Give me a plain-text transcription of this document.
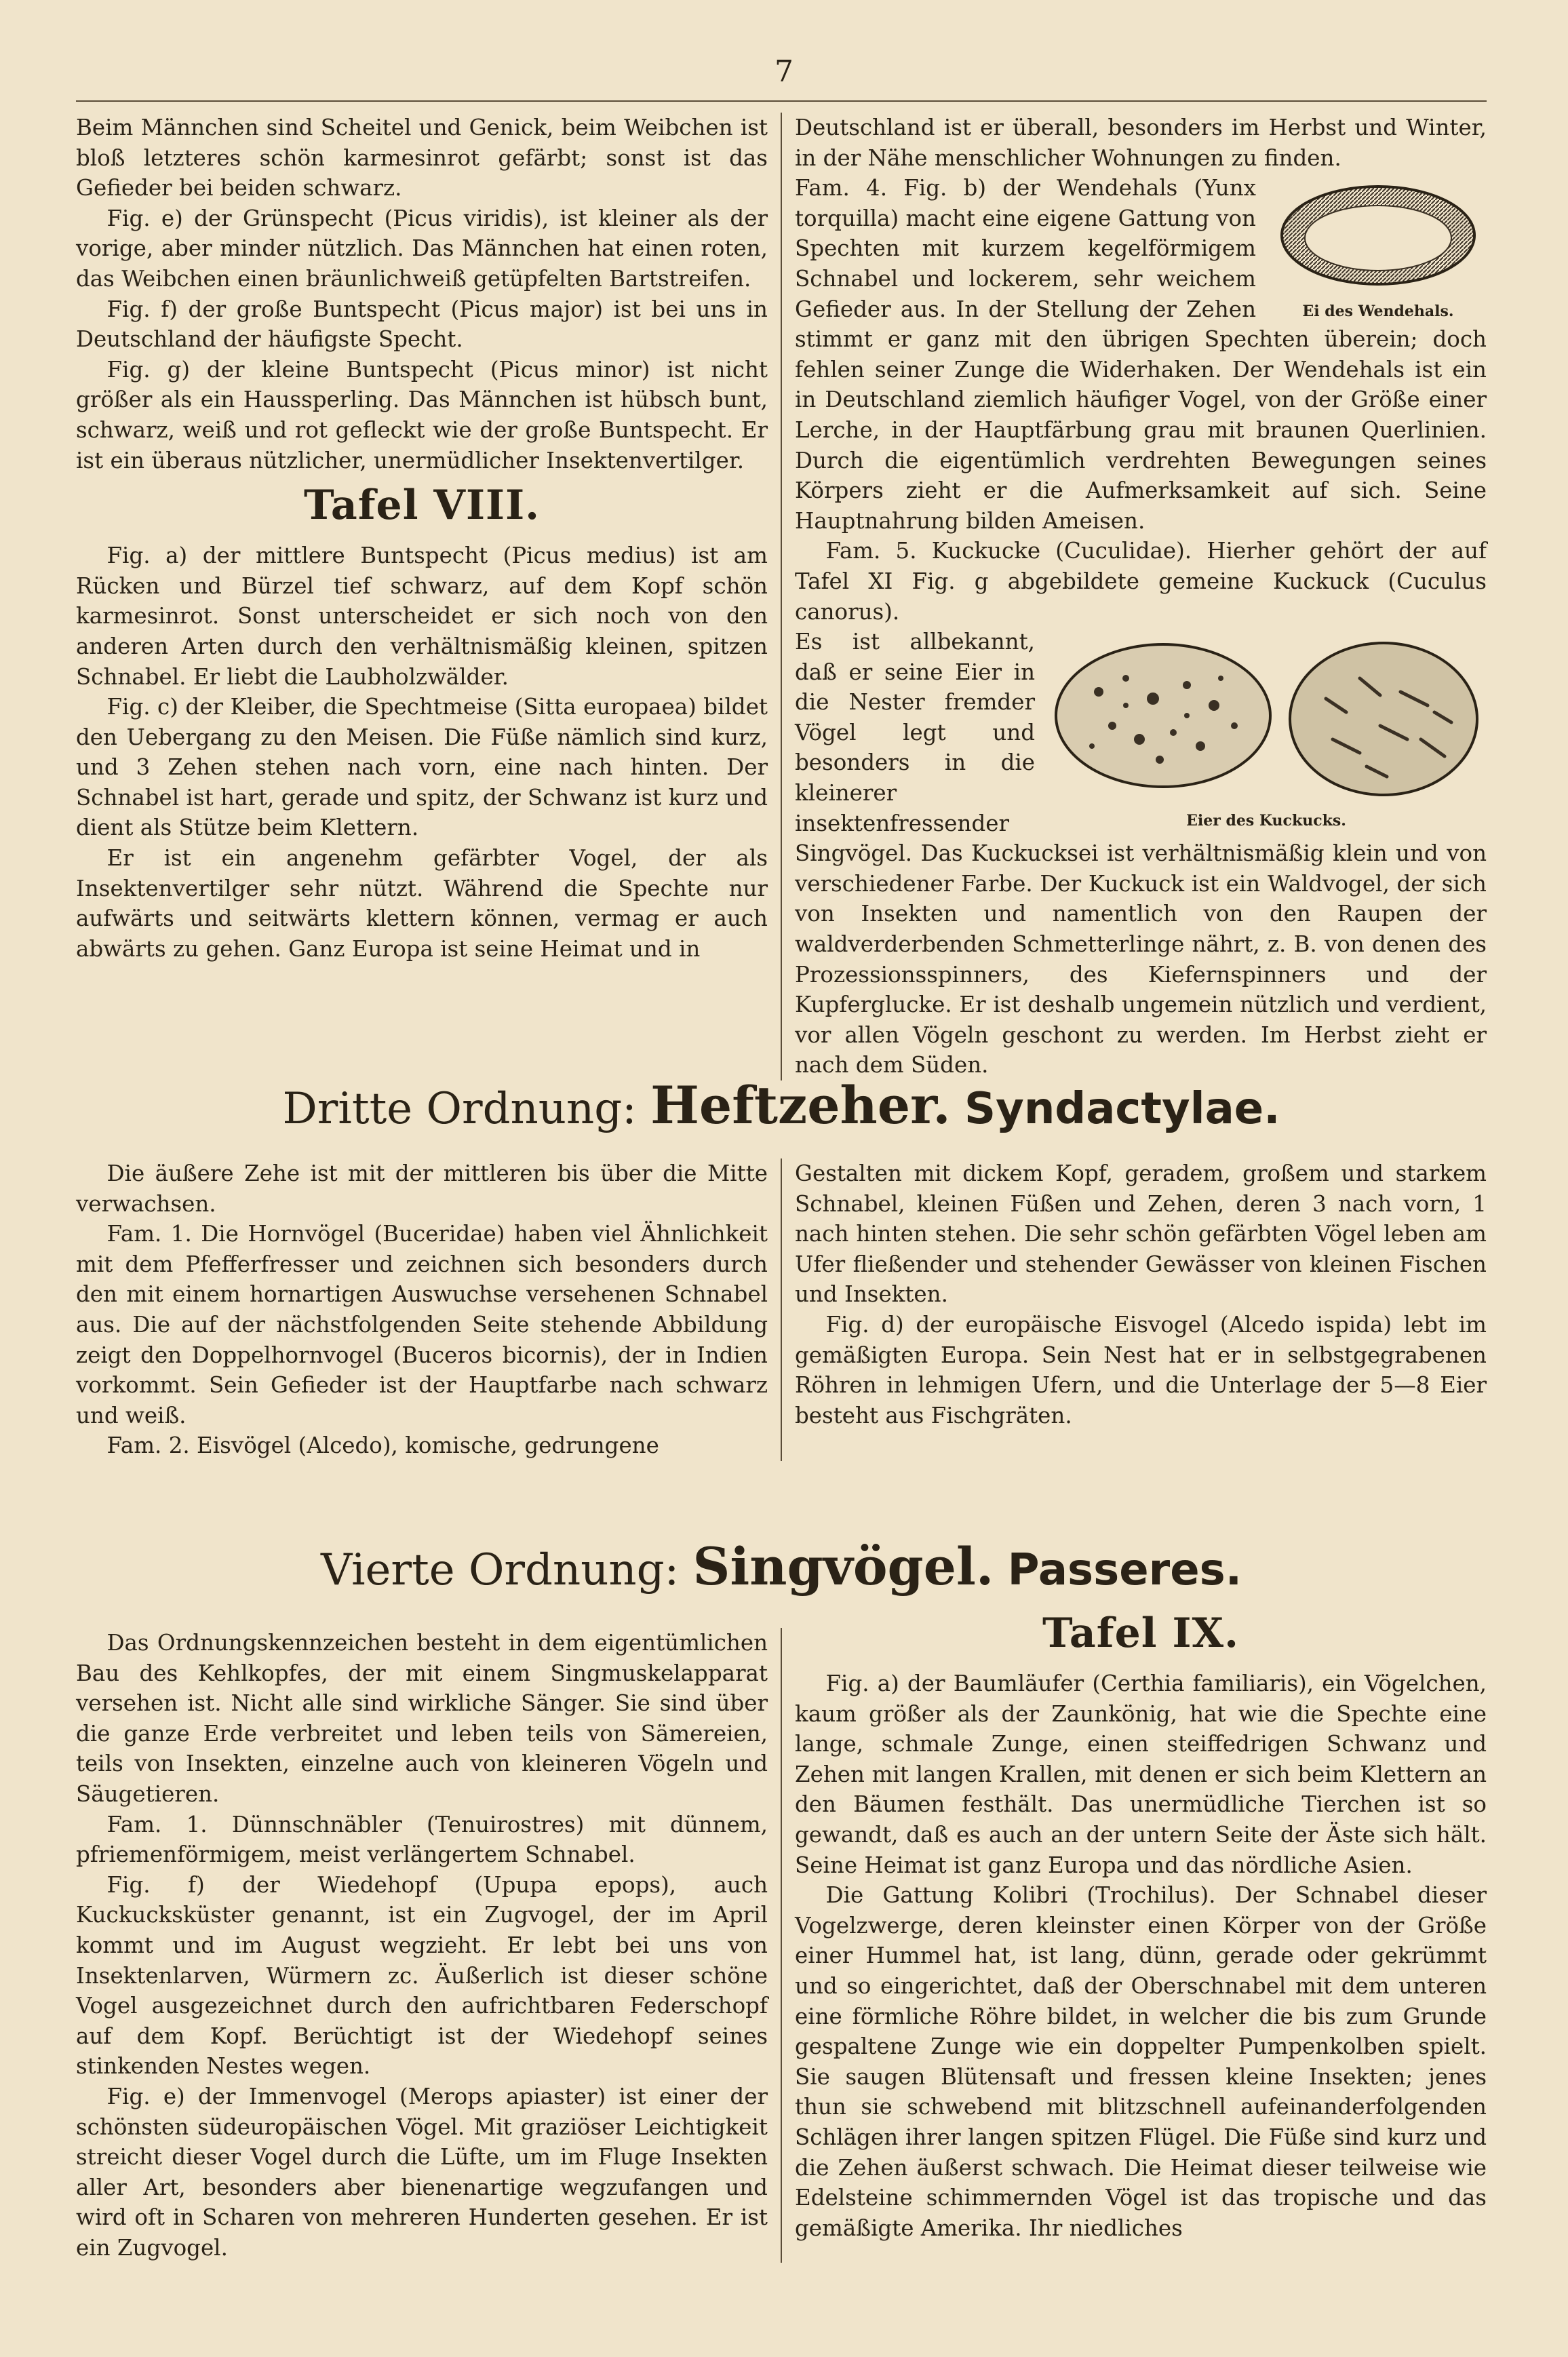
7

Beim Männchen sind Scheitel und Genick, beim Weibchen ist bloß letzteres schön karmesinrot gefärbt; sonst ist das Gefieder bei beiden schwarz.

Fig. e) der Grünspecht (Picus viridis), ist kleiner als der vorige, aber minder nützlich. Das Männchen hat einen roten, das Weibchen einen bräunlichweiß getüpfelten Bartstreifen.

Fig. f) der große Buntspecht (Picus major) ist bei uns in Deutschland der häufigste Specht.

Fig. g) der kleine Buntspecht (Picus minor) ist nicht größer als ein Haussperling. Das Männchen ist hübsch bunt, schwarz, weiß und rot gefleckt wie der große Buntspecht. Er ist ein überaus nützlicher, unermüdlicher Insektenvertilger.

Tafel VIII.

Fig. a) der mittlere Buntspecht (Picus medius) ist am Rücken und Bürzel tief schwarz, auf dem Kopf schön karmesinrot. Sonst unterscheidet er sich noch von den anderen Arten durch den verhältnismäßig kleinen, spitzen Schnabel. Er liebt die Laubholzwälder.

Fig. c) der Kleiber, die Spechtmeise (Sitta europaea) bildet den Uebergang zu den Meisen. Die Füße nämlich sind kurz, und 3 Zehen stehen nach vorn, eine nach hinten. Der Schnabel ist hart, gerade und spitz, der Schwanz ist kurz und dient als Stütze beim Klettern.

Er ist ein angenehm gefärbter Vogel, der als Insektenvertilger sehr nützt. Während die Spechte nur aufwärts und seitwärts klettern können, vermag er auch abwärts zu gehen. Ganz Europa ist seine Heimat und in

Deutschland ist er überall, besonders im Herbst und Winter, in der Nähe menschlicher Wohnungen zu finden.

Ei des Wendehals.

Fam. 4. Fig. b) der Wendehals (Yunx torquilla) macht eine eigene Gattung von Spechten mit kurzem kegelförmigem Schnabel und lockerem, sehr weichem Gefieder aus. In der Stellung der Zehen stimmt er ganz mit den übrigen Spechten überein; doch fehlen seiner Zunge die Widerhaken. Der Wendehals ist ein in Deutschland ziemlich häufiger Vogel, von der Größe einer Lerche, in der Hauptfärbung grau mit braunen Querlinien. Durch die eigentümlich verdrehten Bewegungen seines Körpers zieht er die Aufmerksamkeit auf sich. Seine Hauptnahrung bilden Ameisen.

Fam. 5. Kuckucke (Cuculidae). Hierher gehört der auf Tafel XI Fig. g abgebildete gemeine Kuckuck (Cuculus canorus).

Eier des Kuckucks.

Es ist allbekannt, daß er seine Eier in die Nester fremder Vögel legt und besonders in die kleinerer insektenfressender Singvögel. Das Kuckucksei ist verhältnismäßig klein und von verschiedener Farbe. Der Kuckuck ist ein Waldvogel, der sich von Insekten und namentlich von den Raupen der waldverderbenden Schmetterlinge nährt, z. B. von denen des Prozessionsspinners, des Kiefernspinners und der Kupferglucke. Er ist deshalb ungemein nützlich und verdient, vor allen Vögeln geschont zu werden. Im Herbst zieht er nach dem Süden.

Dritte Ordnung: Heftzeher. Syndactylae.

Die äußere Zehe ist mit der mittleren bis über die Mitte verwachsen.

Fam. 1. Die Hornvögel (Buceridae) haben viel Ähnlichkeit mit dem Pfefferfresser und zeichnen sich besonders durch den mit einem hornartigen Auswuchse versehenen Schnabel aus. Die auf der nächstfolgenden Seite stehende Abbildung zeigt den Doppelhornvogel (Buceros bicornis), der in Indien vorkommt. Sein Gefieder ist der Hauptfarbe nach schwarz und weiß.

Fam. 2. Eisvögel (Alcedo), komische, gedrungene

Gestalten mit dickem Kopf, geradem, großem und starkem Schnabel, kleinen Füßen und Zehen, deren 3 nach vorn, 1 nach hinten stehen. Die sehr schön gefärbten Vögel leben am Ufer fließender und stehender Gewässer von kleinen Fischen und Insekten.

Fig. d) der europäische Eisvogel (Alcedo ispida) lebt im gemäßigten Europa. Sein Nest hat er in selbstgegrabenen Röhren in lehmigen Ufern, und die Unterlage der 5—8 Eier besteht aus Fischgräten.

Vierte Ordnung: Singvögel. Passeres.

Das Ordnungskennzeichen besteht in dem eigentümlichen Bau des Kehlkopfes, der mit einem Singmuskelapparat versehen ist. Nicht alle sind wirkliche Sänger. Sie sind über die ganze Erde verbreitet und leben teils von Sämereien, teils von Insekten, einzelne auch von kleineren Vögeln und Säugetieren.

Fam. 1. Dünnschnäbler (Tenuirostres) mit dünnem, pfriemenförmigem, meist verlängertem Schnabel.

Fig. f) der Wiedehopf (Upupa epops), auch Kuckucksküster genannt, ist ein Zugvogel, der im April kommt und im August wegzieht. Er lebt bei uns von Insektenlarven, Würmern zc. Äußerlich ist dieser schöne Vogel ausgezeichnet durch den aufrichtbaren Federschopf auf dem Kopf. Berüchtigt ist der Wiedehopf seines stinkenden Nestes wegen.

Fig. e) der Immenvogel (Merops apiaster) ist einer der schönsten südeuropäischen Vögel. Mit graziöser Leichtigkeit streicht dieser Vogel durch die Lüfte, um im Fluge Insekten aller Art, besonders aber bienenartige wegzufangen und wird oft in Scharen von mehreren Hunderten gesehen. Er ist ein Zugvogel.

Tafel IX.

Fig. a) der Baumläufer (Certhia familiaris), ein Vögelchen, kaum größer als der Zaunkönig, hat wie die Spechte eine lange, schmale Zunge, einen steiffedrigen Schwanz und Zehen mit langen Krallen, mit denen er sich beim Klettern an den Bäumen festhält. Das unermüdliche Tierchen ist so gewandt, daß es auch an der untern Seite der Äste sich hält. Seine Heimat ist ganz Europa und das nördliche Asien.

Die Gattung Kolibri (Trochilus). Der Schnabel dieser Vogelzwerge, deren kleinster einen Körper von der Größe einer Hummel hat, ist lang, dünn, gerade oder gekrümmt und so eingerichtet, daß der Oberschnabel mit dem unteren eine förmliche Röhre bildet, in welcher die bis zum Grunde gespaltene Zunge wie ein doppelter Pumpenkolben spielt. Sie saugen Blütensaft und fressen kleine Insekten; jenes thun sie schwebend mit blitzschnell aufeinanderfolgenden Schlägen ihrer langen spitzen Flügel. Die Füße sind kurz und die Zehen äußerst schwach. Die Heimat dieser teilweise wie Edelsteine schimmernden Vögel ist das tropische und das gemäßigte Amerika. Ihr niedliches
